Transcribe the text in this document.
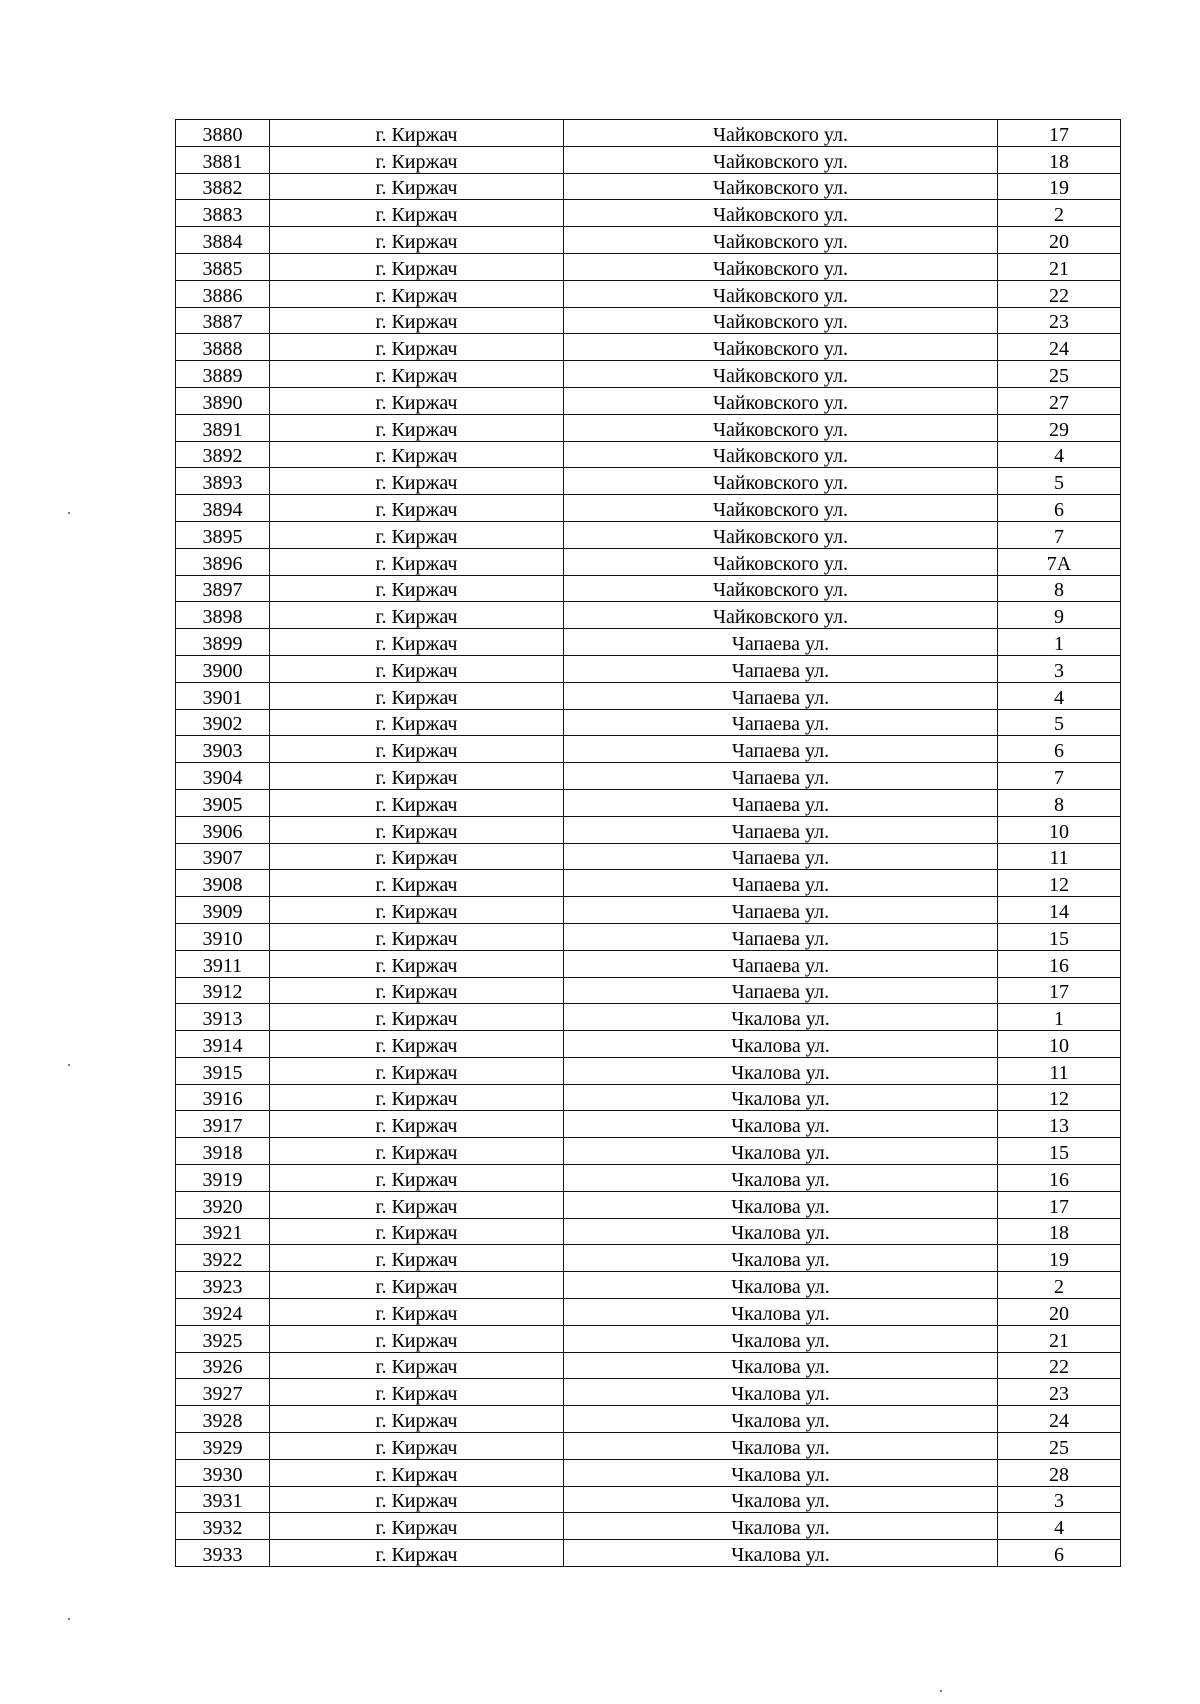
3880	г. Киржач	Чайковского ул.	17
3881	г. Киржач	Чайковского ул.	18
3882	г. Киржач	Чайковского ул.	19
3883	г. Киржач	Чайковского ул.	2
3884	г. Киржач	Чайковского ул.	20
3885	г. Киржач	Чайковского ул.	21
3886	г. Киржач	Чайковского ул.	22
3887	г. Киржач	Чайковского ул.	23
3888	г. Киржач	Чайковского ул.	24
3889	г. Киржач	Чайковского ул.	25
3890	г. Киржач	Чайковского ул.	27
3891	г. Киржач	Чайковского ул.	29
3892	г. Киржач	Чайковского ул.	4
3893	г. Киржач	Чайковского ул.	5
3894	г. Киржач	Чайковского ул.	6
3895	г. Киржач	Чайковского ул.	7
3896	г. Киржач	Чайковского ул.	7А
3897	г. Киржач	Чайковского ул.	8
3898	г. Киржач	Чайковского ул.	9
3899	г. Киржач	Чапаева ул.	1
3900	г. Киржач	Чапаева ул.	3
3901	г. Киржач	Чапаева ул.	4
3902	г. Киржач	Чапаева ул.	5
3903	г. Киржач	Чапаева ул.	6
3904	г. Киржач	Чапаева ул.	7
3905	г. Киржач	Чапаева ул.	8
3906	г. Киржач	Чапаева ул.	10
3907	г. Киржач	Чапаева ул.	11
3908	г. Киржач	Чапаева ул.	12
3909	г. Киржач	Чапаева ул.	14
3910	г. Киржач	Чапаева ул.	15
3911	г. Киржач	Чапаева ул.	16
3912	г. Киржач	Чапаева ул.	17
3913	г. Киржач	Чкалова ул.	1
3914	г. Киржач	Чкалова ул.	10
3915	г. Киржач	Чкалова ул.	11
3916	г. Киржач	Чкалова ул.	12
3917	г. Киржач	Чкалова ул.	13
3918	г. Киржач	Чкалова ул.	15
3919	г. Киржач	Чкалова ул.	16
3920	г. Киржач	Чкалова ул.	17
3921	г. Киржач	Чкалова ул.	18
3922	г. Киржач	Чкалова ул.	19
3923	г. Киржач	Чкалова ул.	2
3924	г. Киржач	Чкалова ул.	20
3925	г. Киржач	Чкалова ул.	21
3926	г. Киржач	Чкалова ул.	22
3927	г. Киржач	Чкалова ул.	23
3928	г. Киржач	Чкалова ул.	24
3929	г. Киржач	Чкалова ул.	25
3930	г. Киржач	Чкалова ул.	28
3931	г. Киржач	Чкалова ул.	3
3932	г. Киржач	Чкалова ул.	4
3933	г. Киржач	Чкалова ул.	6
